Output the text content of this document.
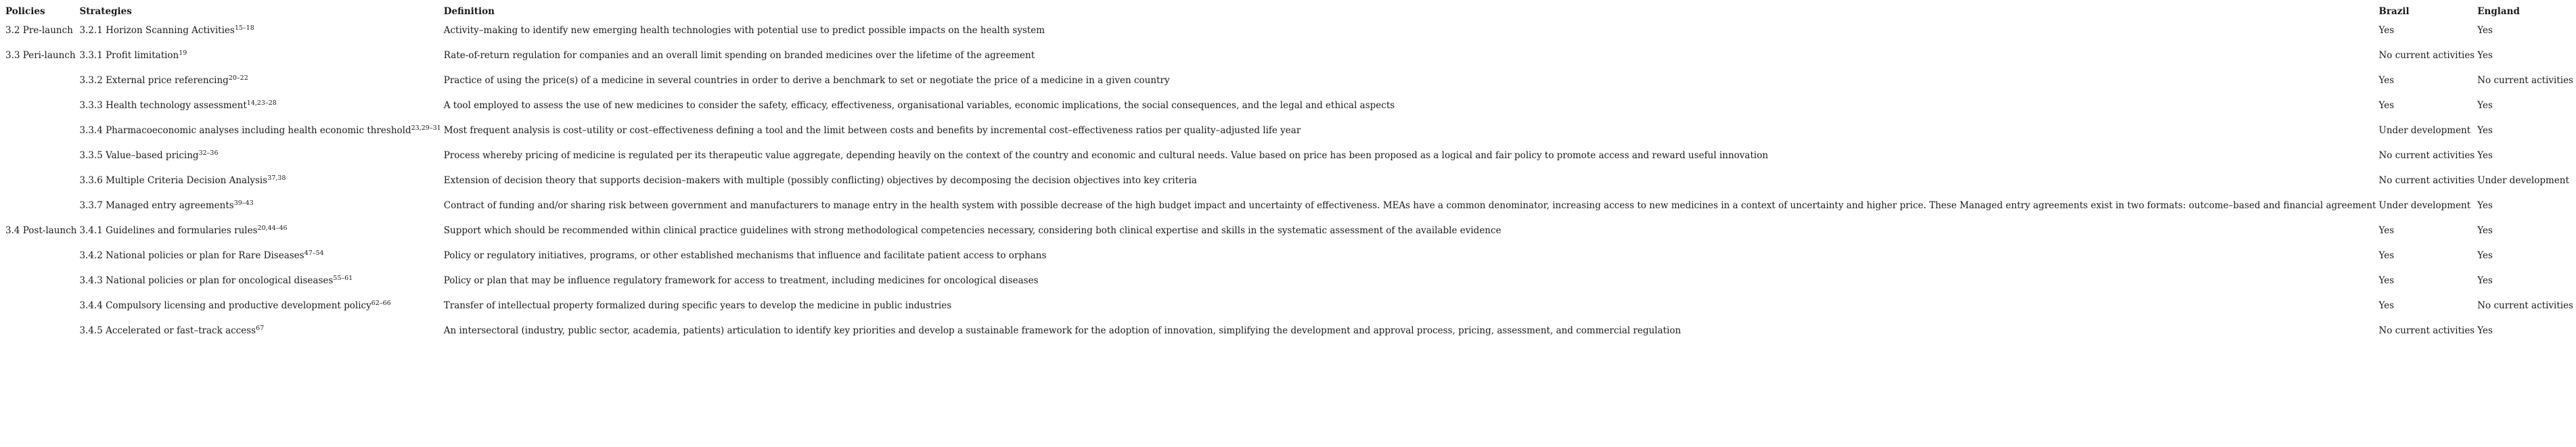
Policies	Strategies	Definition	Brazil	England
3.2 Pre-launch	3.2.1 Horizon Scanning Activities$^{15-18}$	Activity–making to identify new emerging health technologies with potential use to predict possible impacts on the health system	Yes	Yes
3.3 Peri-launch	3.3.1 Profit limitation$^{19}$	Rate-of-return regulation for companies and an overall limit spending on branded medicines over the lifetime of the agreement	No current activities	Yes
	3.3.2 External price referencing$^{20-22}$	Practice of using the price(s) of a medicine in several countries in order to derive a benchmark to set or negotiate the price of a medicine in a given country	Yes	No current activities
	3.3.3 Health technology assessment$^{14,23-28}$	A tool employed to assess the use of new medicines to consider the safety, efficacy, effectiveness, organisational variables, economic implications, the social consequences, and the legal and ethical aspects	Yes	Yes
	3.3.4 Pharmacoeconomic analyses including health economic threshold$^{23,29-31}$	Most frequent analysis is cost–utility or cost–effectiveness defining a tool and the limit between costs and benefits by incremental cost–effectiveness ratios per quality–adjusted life year	Under development	Yes
	3.3.5 Value–based pricing$^{32-36}$	Process whereby pricing of medicine is regulated per its therapeutic value aggregate, depending heavily on the context of the country and economic and cultural needs. Value based on price has been proposed as a logical and fair policy to promote access and reward useful innovation	No current activities	Yes
	3.3.6 Multiple Criteria Decision Analysis$^{37,38}$	Extension of decision theory that supports decision–makers with multiple (possibly conflicting) objectives by decomposing the decision objectives into key criteria	No current activities	Under development
	3.3.7 Managed entry agreements$^{39-43}$	Contract of funding and/or sharing risk between government and manufacturers to manage entry in the health system with possible decrease of the high budget impact and uncertainty of effectiveness. MEAs have a common denominator, increasing access to new medicines in a context of uncertainty and higher price. These Managed entry agreements exist in two formats: outcome–based and financial agreement	Under development	Yes
3.4 Post-launch	3.4.1 Guidelines and formularies rules$^{20,44-46}$	Support which should be recommended within clinical practice guidelines with strong methodological competencies necessary, considering both clinical expertise and skills in the systematic assessment of the available evidence	Yes	Yes
	3.4.2 National policies or plan for Rare Diseases$^{47-54}$	Policy or regulatory initiatives, programs, or other established mechanisms that influence and facilitate patient access to orphans	Yes	Yes
	3.4.3 National policies or plan for oncological diseases$^{55-61}$	Policy or plan that may be influence regulatory framework for access to treatment, including medicines for oncological diseases	Yes	Yes
	3.4.4 Compulsory licensing and productive development policy$^{62-66}$	Transfer of intellectual property formalized during specific years to develop the medicine in public industries	Yes	No current activities
	3.4.5 Accelerated or fast–track access$^{67}$	An intersectoral (industry, public sector, academia, patients) articulation to identify key priorities and develop a sustainable framework for the adoption of innovation, simplifying the development and approval process, pricing, assessment, and commercial regulation	No current activities	Yes
